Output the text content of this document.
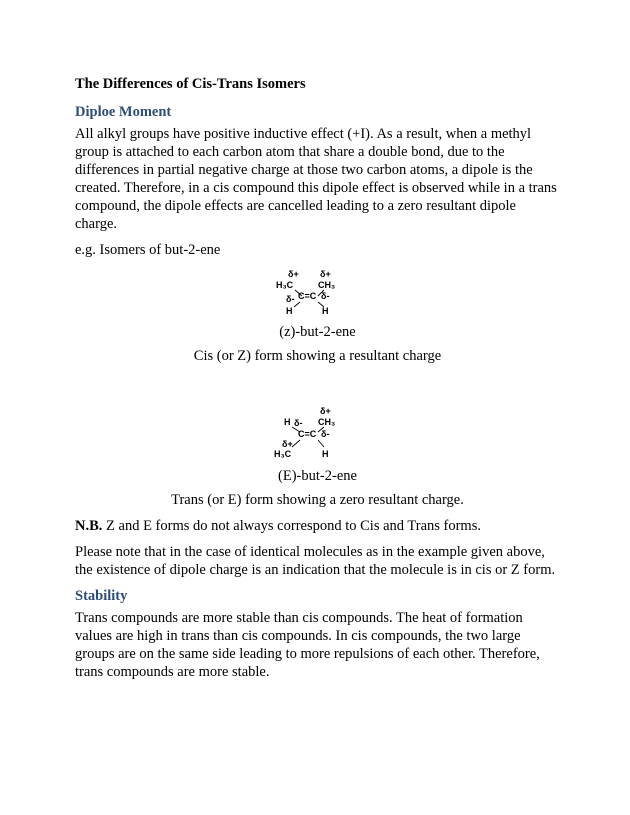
The Differences of Cis-Trans Isomers
Diploe Moment

All alkyl groups have positive inductive effect (+I). As a result, when a methyl group is attached to each carbon atom that share a double bond, due to the differences in partial negative charge at those two carbon atoms, a dipole is the created. Therefore, in a cis compound this dipole effect is observed while in a trans compound, the dipole effects are cancelled leading to a zero resultant dipole charge.

e.g. Isomers of but-2-ene

δ+ δ+
H₃C	CH₃
δ- C=C δ-
H	H

(z)-but-2-ene

Cis (or Z) form showing a resultant charge

δ+
H δ- CH₃
C=C δ-
δ+
H₃C	H

(E)-but-2-ene

Trans (or E) form showing a zero resultant charge.

N.B. Z and E forms do not always correspond to Cis and Trans forms.

Please note that in the case of identical molecules as in the example given above, the existence of dipole charge is an indication that the molecule is in cis or Z form.

Stability

Trans compounds are more stable than cis compounds. The heat of formation values are high in trans than cis compounds. In cis compounds, the two large groups are on the same side leading to more repulsions of each other. Therefore, trans compounds are more stable.
